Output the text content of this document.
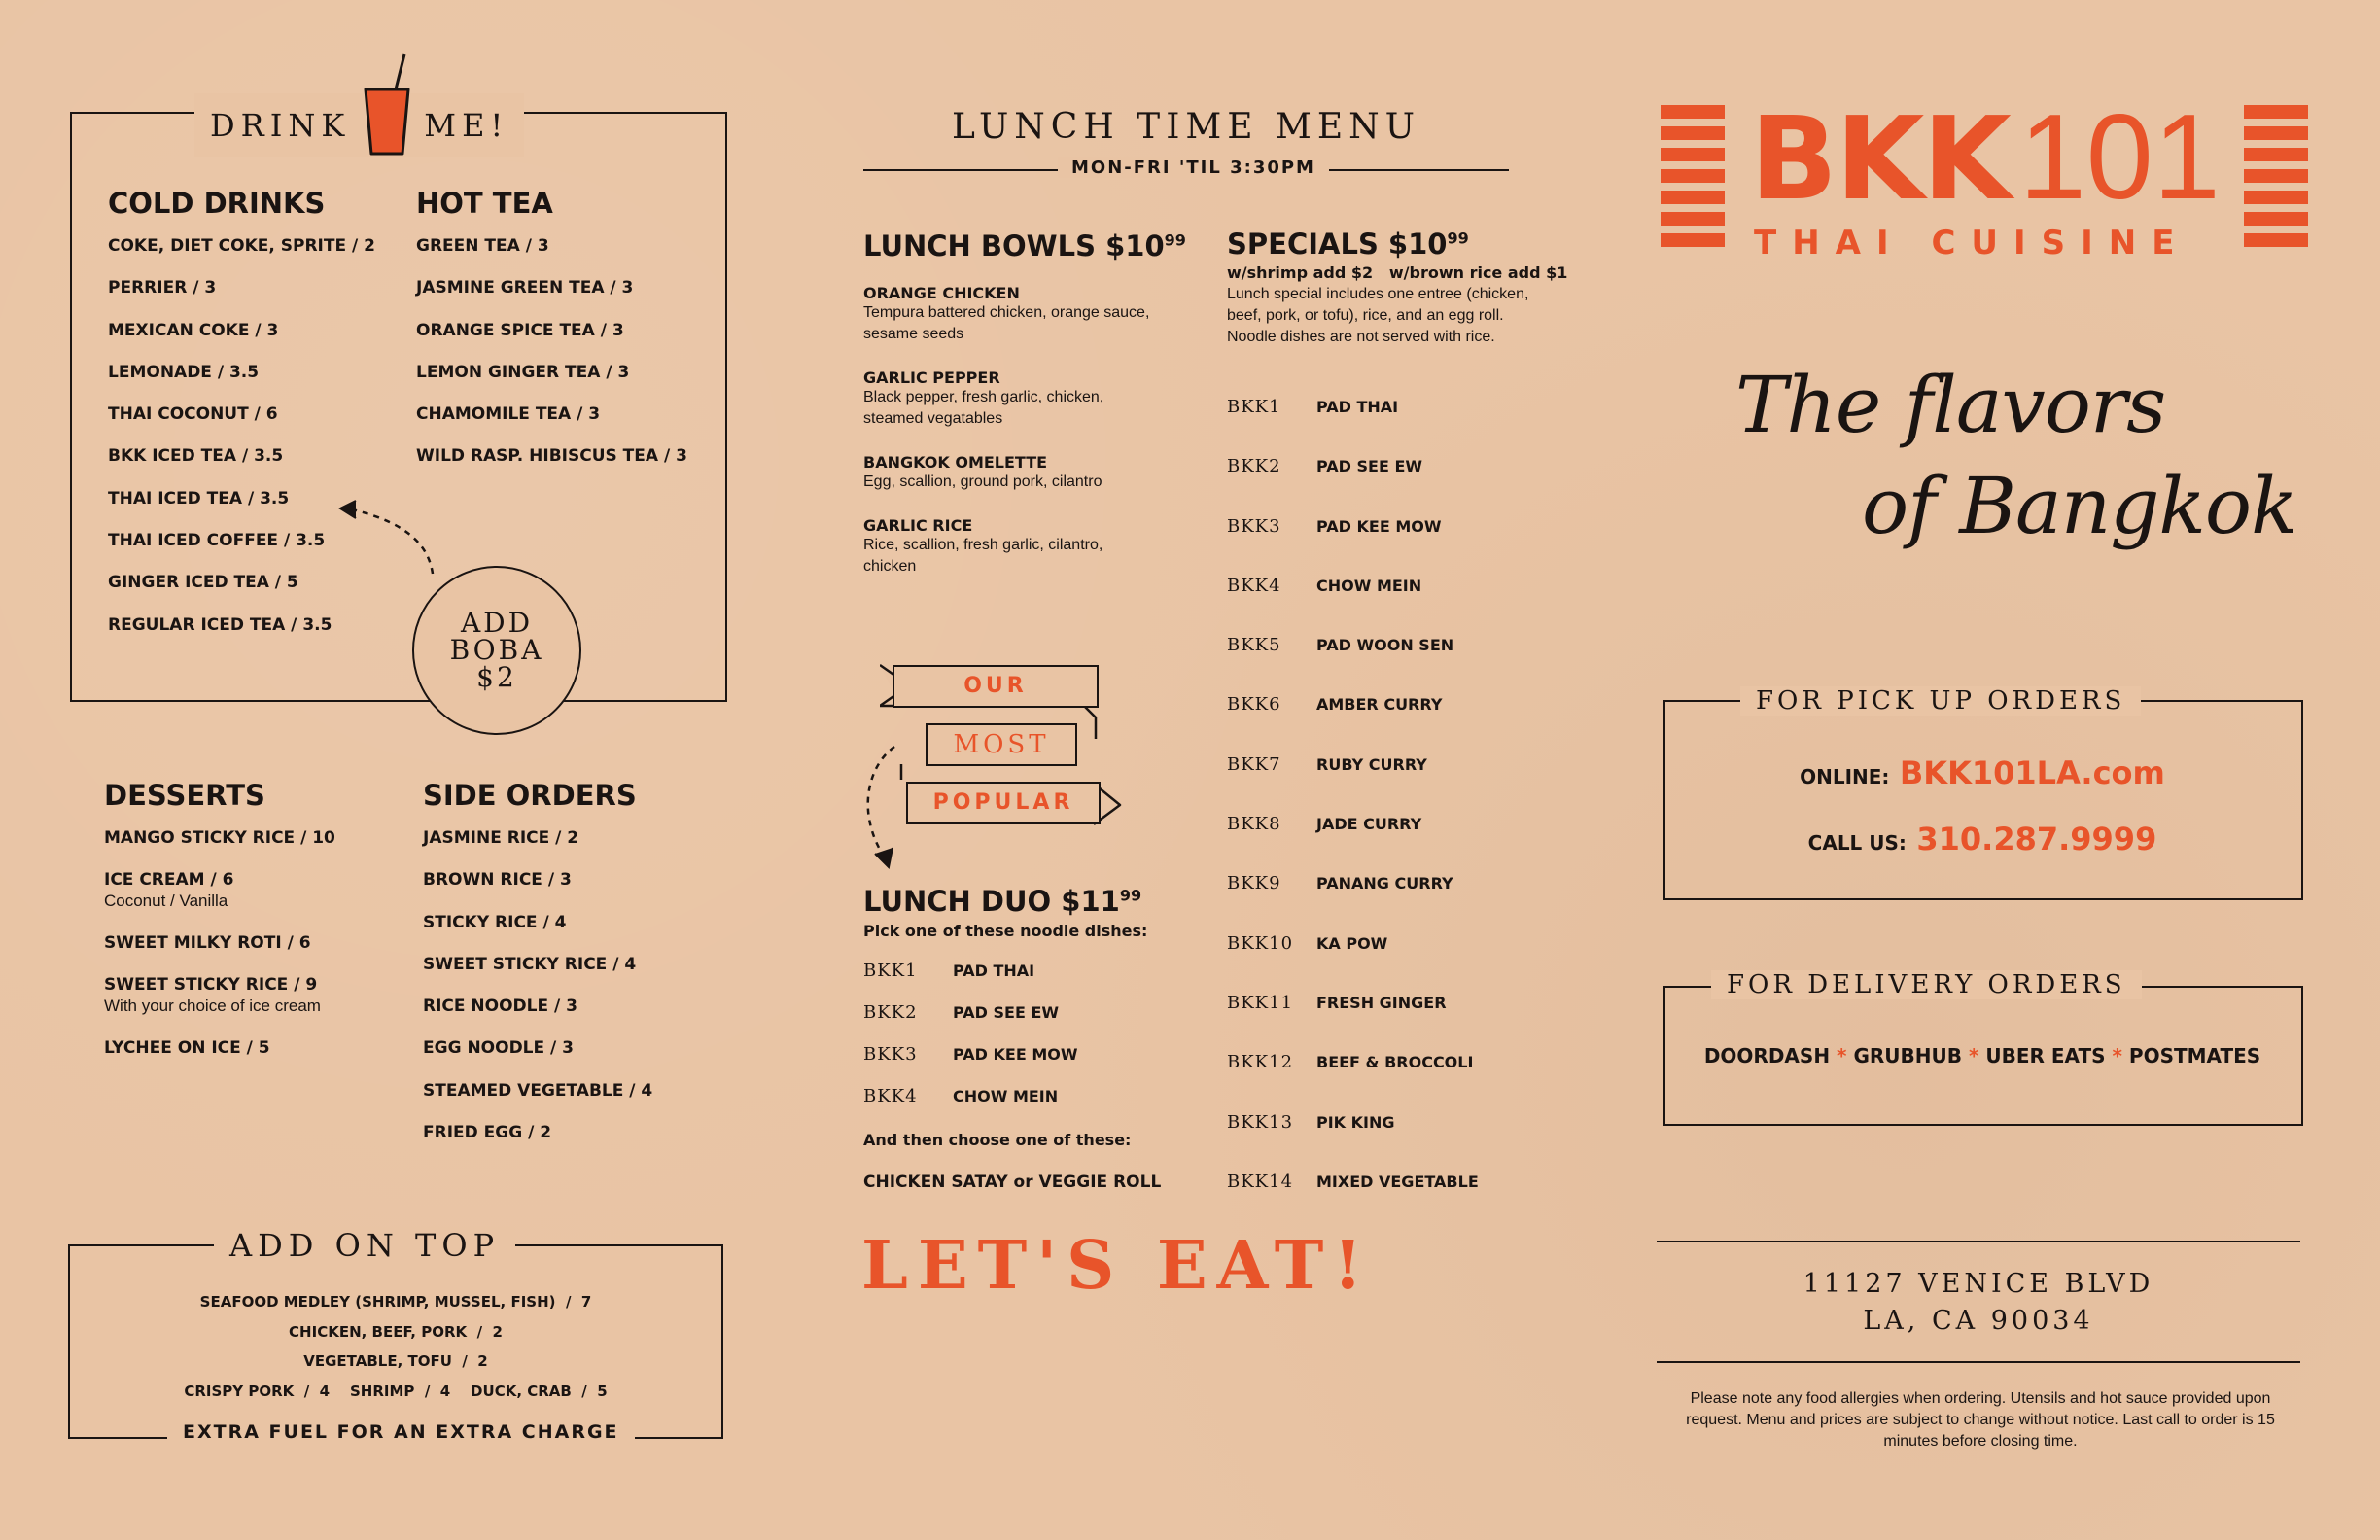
DRINK ME!
COLD DRINKS
COKE, DIET COKE, SPRITE / 2
PERRIER / 3
MEXICAN COKE / 3
LEMONADE / 3.5
THAI COCONUT / 6
BKK ICED TEA / 3.5
THAI ICED TEA / 3.5
THAI ICED COFFEE / 3.5
GINGER ICED TEA / 5
REGULAR ICED TEA / 3.5
HOT TEA
GREEN TEA / 3
JASMINE GREEN TEA / 3
ORANGE SPICE TEA / 3
LEMON GINGER TEA / 3
CHAMOMILE TEA / 3
WILD RASP. HIBISCUS TEA / 3
ADD
BOBA
$2
DESSERTS
MANGO STICKY RICE / 10
ICE CREAM / 6
Coconut / Vanilla
SWEET MILKY ROTI / 6
SWEET STICKY RICE / 9
With your choice of ice cream
LYCHEE ON ICE / 5
SIDE ORDERS
JASMINE RICE / 2
BROWN RICE / 3
STICKY RICE / 4
SWEET STICKY RICE / 4
RICE NOODLE / 3
EGG NOODLE / 3
STEAMED VEGETABLE / 4
FRIED EGG / 2
ADD ON TOP
SEAFOOD MEDLEY (SHRIMP, MUSSEL, FISH)  /  7
CHICKEN, BEEF, PORK  /  2
VEGETABLE, TOFU  /  2
CRISPY PORK  /  4    SHRIMP  /  4    DUCK, CRAB  /  5
EXTRA FUEL FOR AN EXTRA CHARGE
LUNCH TIME MENU
MON-FRI 'TIL 3:30PM
LUNCH BOWLS $\$10^{99}$
ORANGE CHICKEN
Tempura battered chicken, orange sauce, sesame seeds
GARLIC PEPPER
Black pepper, fresh garlic, chicken, steamed vegatables
BANGKOK OMELETTE
Egg, scallion, ground pork, cilantro
GARLIC RICE
Rice, scallion, fresh garlic, cilantro, chicken
OUR
MOST
POPULAR
LUNCH DUO $\$11^{99}$
Pick one of these noodle dishes:
BKK1 PAD THAI
BKK2 PAD SEE EW
BKK3 PAD KEE MOW
BKK4 CHOW MEIN
And then choose one of these:
CHICKEN SATAY or VEGGIE ROLL
SPECIALS $\$10^{99}$
w/shrimp add $2   w/brown rice add $1
Lunch special includes one entree (chicken, beef, pork, or tofu), rice, and an egg roll. Noodle dishes are not served with rice.
BKK1 PAD THAI
BKK2 PAD SEE EW
BKK3 PAD KEE MOW
BKK4 CHOW MEIN
BKK5 PAD WOON SEN
BKK6 AMBER CURRY
BKK7 RUBY CURRY
BKK8 JADE CURRY
BKK9 PANANG CURRY
BKK10 KA POW
BKK11 FRESH GINGER
BKK12 BEEF & BROCCOLI
BKK13 PIK KING
BKK14 MIXED VEGETABLE
LET'S EAT!
BKK101
THAI CUISINE
The flavors
of Bangkok
FOR PICK UP ORDERS
ONLINE: BKK101LA.com
CALL US: 310.287.9999
FOR DELIVERY ORDERS
DOORDASH * GRUBHUB * UBER EATS * POSTMATES
11127 VENICE BLVD
LA, CA 90034
Please note any food allergies when ordering. Utensils and hot sauce provided upon request. Menu and prices are subject to change without notice. Last call to order is 15 minutes before closing time.
